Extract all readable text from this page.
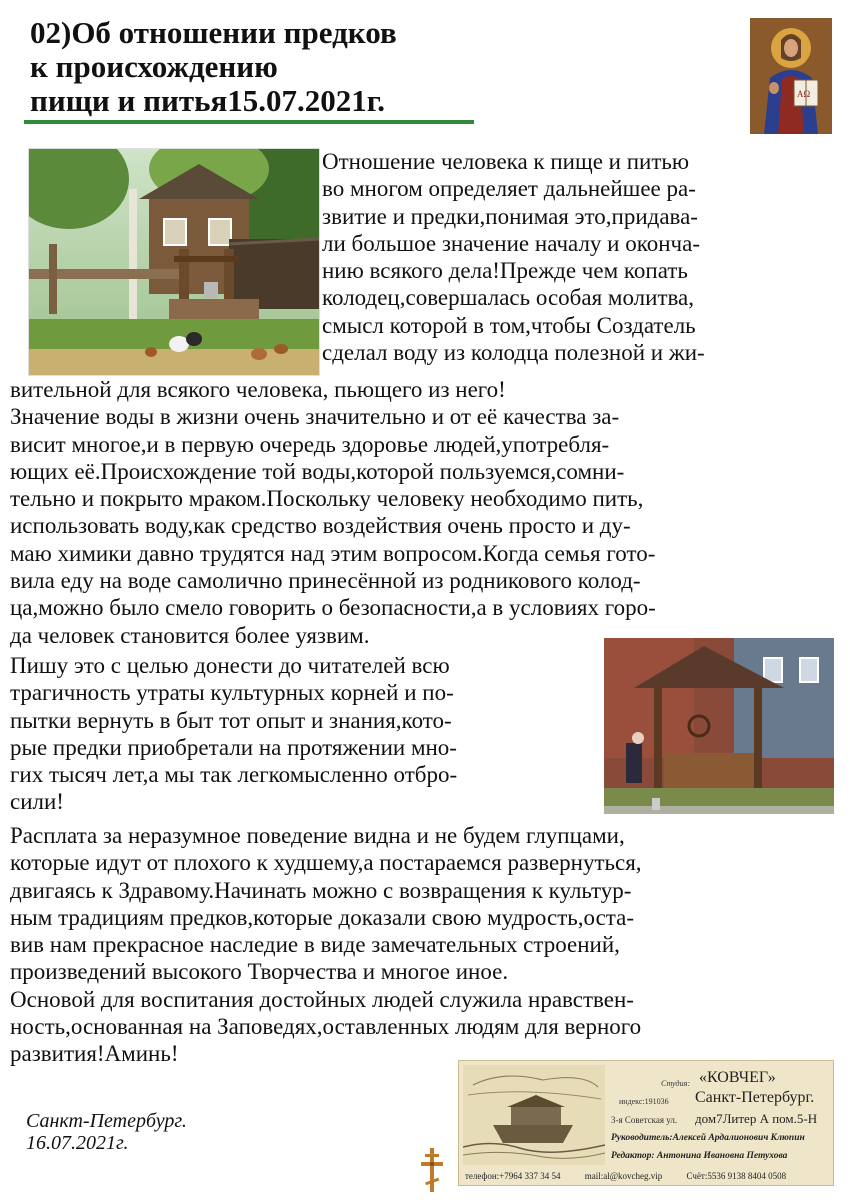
02)Об отношении предков
к происхождению
пищи и питья15.07.2021г.	AΩ
Отношение человека к пище и питью
во многом определяет дальнейшее ра-
звитие и предки,понимая это,придава-
ли большое значение началу и оконча-
нию всякого дела!Прежде чем копать
колодец,совершалась особая молитва,
смысл которой в том,чтобы Создатель
сделал воду из колодца полезной и жи-
вительной для всякого человека, пьющего из него!
Значение воды в жизни очень значительно и от её качества за-
висит многое,и в первую очередь здоровье людей,употребля-
ющих её.Происхождение той воды,которой пользуемся,сомни-
тельно и покрыто мраком.Поскольку человеку необходимо пить,
использовать воду,как средство воздействия очень просто и ду-
маю химики давно трудятся над этим вопросом.Когда семья гото-
вила еду на воде самолично принесённой из родникового колод-
ца,можно было смело говорить о безопасности,а в условиях горо-
да человек становится более уязвим.
Пишу это с целью донести до читателей всю
трагичность утраты культурных корней и по-
пытки вернуть в быт тот опыт и знания,кото-
рые предки приобретали на протяжении мно-
гих тысяч лет,а мы так легкомысленно отбро-
сили!
Расплата за неразумное поведение видна и не будем глупцами,
которые идут от плохого к худшему,а постараемся развернуться,
двигаясь к Здравому.Начинать можно с возвращения к культур-
ным традициям предков,которые доказали свою мудрость,оста-
вив нам прекрасное наследие в виде замечательных строений,
произведений высокого Творчества и многое иное.
Основой для воспитания достойных людей служила нравствен-
ность,основанная на Заповедях,оставленных людям для верного
развития!Аминь!
Санкт-Петербург.
16.07.2021г.
Студия: «КОВЧЕГ»
индекс:191036 Санкт-Петербург.
3-я Советская ул. дом7Литер А пом.5-Н
Руководитель:Алексей Ардалионович Клюпин
Редактор: Антонина Ивановна Петухова
телефон:+7964 337 34 54	mail:al@kovcheg.vip	Счёт:5536 9138 8404 0508
